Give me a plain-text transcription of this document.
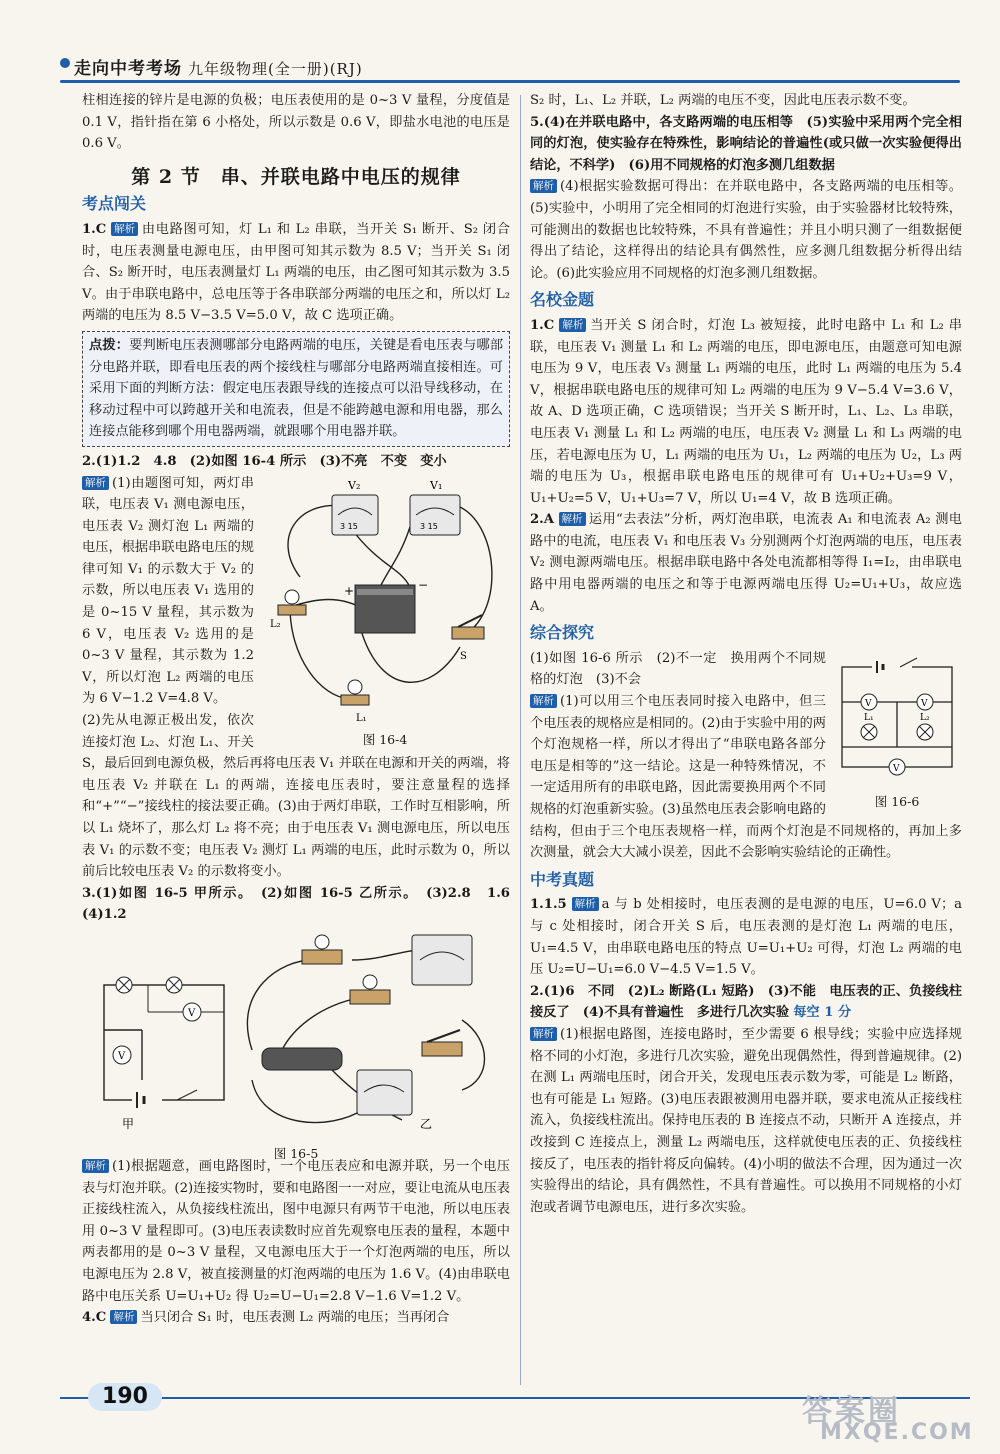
走向中考考场 九年级物理(全一册)(RJ)

柱相连接的锌片是电源的负极；电压表使用的是 0~3 V 量程，分度值是 0.1 V，指针指在第 6 小格处，所以示数是 0.6 V，即盐水电池的电压是 0.6 V。

第 2 节　串、并联电路中电压的规律
考点闯关

1.C 解析 由电路图可知，灯 L₁ 和 L₂ 串联，当开关 S₁ 断开、S₂ 闭合时，电压表测量电源电压，由甲图可知其示数为 8.5 V；当开关 S₁ 闭合、S₂ 断开时，电压表测量灯 L₁ 两端的电压，由乙图可知其示数为 3.5 V。由于串联电路中，总电压等于各串联部分两端的电压之和，所以灯 L₂ 两端的电压为 8.5 V−3.5 V=5.0 V，故 C 选项正确。

点拨：要判断电压表测哪部分电路两端的电压，关键是看电压表与哪部分电路并联，即看电压表的两个接线柱与哪部分电路两端直接相连。可采用下面的判断方法：假定电压表跟导线的连接点可以沿导线移动，在移动过程中可以跨越开关和电流表，但是不能跨越电源和用电器，那么连接点能移到哪个用电器两端，就跟哪个用电器并联。

2.(1)1.2　4.8　(2)如图 16-4 所示　(3)不亮　不变　变小

3 15	3 15
V₂	V₁
+	−
L₂
L₁
S
图 16-4

解析 (1)由题图可知，两灯串联，电压表 V₁ 测电源电压，电压表 V₂ 测灯泡 L₁ 两端的电压，根据串联电路电压的规律可知 V₁ 的示数大于 V₂ 的示数，所以电压表 V₁ 选用的是 0~15 V 量程，其示数为 6 V，电压表 V₂ 选用的是 0~3 V 量程，其示数为 1.2 V，所以灯泡 L₂ 两端的电压为 6 V−1.2 V=4.8 V。

(2)先从电源正极出发，依次连接灯泡 L₂、灯泡 L₁、开关 S，最后回到电源负极，然后再将电压表 V₁ 并联在电源和开关的两端，将电压表 V₂ 并联在 L₁ 的两端，连接电压表时，要注意量程的选择和“+”“−”接线柱的接法要正确。(3)由于两灯串联，工作时互相影响，所以 L₁ 烧坏了，那么灯 L₂ 将不亮；由于电压表 V₁ 测电源电压，所以电压表 V₁ 的示数不变；电压表 V₂ 测灯 L₁ 两端的电压，此时示数为 0，所以前后比较电压表 V₂ 的示数将变小。

3.(1)如图 16-5 甲所示。　(2)如图 16-5 乙所示。　(3)2.8　1.6　(4)1.2

V
V
甲	乙
图 16-5

解析 (1)根据题意，画电路图时，一个电压表应和电源并联，另一个电压表与灯泡并联。(2)连接实物时，要和电路图一一对应，要让电流从电压表正接线柱流入，从负接线柱流出，图中电源只有两节干电池，所以电压表用 0~3 V 量程即可。(3)电压表读数时应首先观察电压表的量程，本题中两表都用的是 0~3 V 量程，又电源电压大于一个灯泡两端的电压，所以电源电压为 2.8 V，被直接测量的灯泡两端的电压为 1.6 V。(4)由串联电路中电压关系 U=U₁+U₂ 得 U₂=U−U₁=2.8 V−1.6 V=1.2 V。

4.C 解析 当只闭合 S₁ 时，电压表测 L₂ 两端的电压；当再闭合

S₂ 时，L₁、L₂ 并联，L₂ 两端的电压不变，因此电压表示数不变。

5.(4)在并联电路中，各支路两端的电压相等　(5)实验中采用两个完全相同的灯泡，使实验存在特殊性，影响结论的普遍性(或只做一次实验便得出结论，不科学)　(6)用不同规格的灯泡多测几组数据

解析 (4)根据实验数据可得出：在并联电路中，各支路两端的电压相等。(5)实验中，小明用了完全相同的灯泡进行实验，由于实验器材比较特殊，可能测出的数据也比较特殊，不具有普遍性；并且小明只测了一组数据便得出了结论，这样得出的结论具有偶然性，应多测几组数据分析得出结论。(6)此实验应用不同规格的灯泡多测几组数据。

名校金题

1.C 解析 当开关 S 闭合时，灯泡 L₃ 被短接，此时电路中 L₁ 和 L₂ 串联，电压表 V₁ 测量 L₁ 和 L₂ 两端的电压，即电源电压，由题意可知电源电压为 9 V，电压表 V₃ 测量 L₁ 两端的电压，此时 L₁ 两端的电压为 5.4 V，根据串联电路电压的规律可知 L₂ 两端的电压为 9 V−5.4 V=3.6 V，故 A、D 选项正确，C 选项错误；当开关 S 断开时，L₁、L₂、L₃ 串联，电压表 V₁ 测量 L₁ 和 L₂ 两端的电压，电压表 V₂ 测量 L₁ 和 L₃ 两端的电压，若电源电压为 U，L₁ 两端的电压为 U₁，L₂ 两端的电压为 U₂，L₃ 两端的电压为 U₃，根据串联电路电压的规律可有 U₁+U₂+U₃=9 V，U₁+U₂=5 V，U₁+U₃=7 V，所以 U₁=4 V，故 B 选项正确。

2.A 解析 运用“去表法”分析，两灯泡串联，电流表 A₁ 和电流表 A₂ 测电路中的电流，电压表 V₁ 和电压表 V₃ 分别测两个灯泡两端的电压，电压表 V₂ 测电源两端电压。根据串联电路中各处电流都相等得 I₁=I₂，由串联电路中用电器两端的电压之和等于电源两端电压得 U₂=U₁+U₃，故应选 A。

综合探究
V	V
L₁	L₂
V
图 16-6

(1)如图 16-6 所示　(2)不一定　换用两个不同规格的灯泡　(3)不会

解析 (1)可以用三个电压表同时接入电路中，但三个电压表的规格应是相同的。(2)由于实验中用的两个灯泡规格一样，所以才得出了“串联电路各部分电压是相等的”这一结论。这是一种特殊情况，不一定适用所有的串联电路，因此需要换用两个不同规格的灯泡重新实验。(3)虽然电压表会影响电路的结构，但由于三个电压表规格一样，而两个灯泡是不同规格的，再加上多次测量，就会大大减小误差，因此不会影响实验结论的正确性。

中考真题

1.1.5 解析 a 与 b 处相接时，电压表测的是电源的电压，U=6.0 V；a 与 c 处相接时，闭合开关 S 后，电压表测的是灯泡 L₁ 两端的电压，U₁=4.5 V，由串联电路电压的特点 U=U₁+U₂ 可得，灯泡 L₂ 两端的电压 U₂=U−U₁=6.0 V−4.5 V=1.5 V。

2.(1)6　不同　(2)L₂ 断路(L₁ 短路)　(3)不能　电压表的正、负接线柱接反了　(4)不具有普遍性　多进行几次实验 每空 1 分

解析 (1)根据电路图，连接电路时，至少需要 6 根导线；实验中应选择规格不同的小灯泡，多进行几次实验，避免出现偶然性，得到普遍规律。(2)在测 L₁ 两端电压时，闭合开关，发现电压表示数为零，可能是 L₂ 断路，也有可能是 L₁ 短路。(3)电压表跟被测用电器并联，要求电流从正接线柱流入，负接线柱流出。保持电压表的 B 连接点不动，只断开 A 连接点，并改接到 C 连接点上，测量 L₂ 两端电压，这样就使电压表的正、负接线柱接反了，电压表的指针将反向偏转。(4)小明的做法不合理，因为通过一次实验得出的结论，具有偶然性，不具有普遍性。可以换用不同规格的小灯泡或者调节电源电压，进行多次实验。

190	答案圈
MXQE.COM
